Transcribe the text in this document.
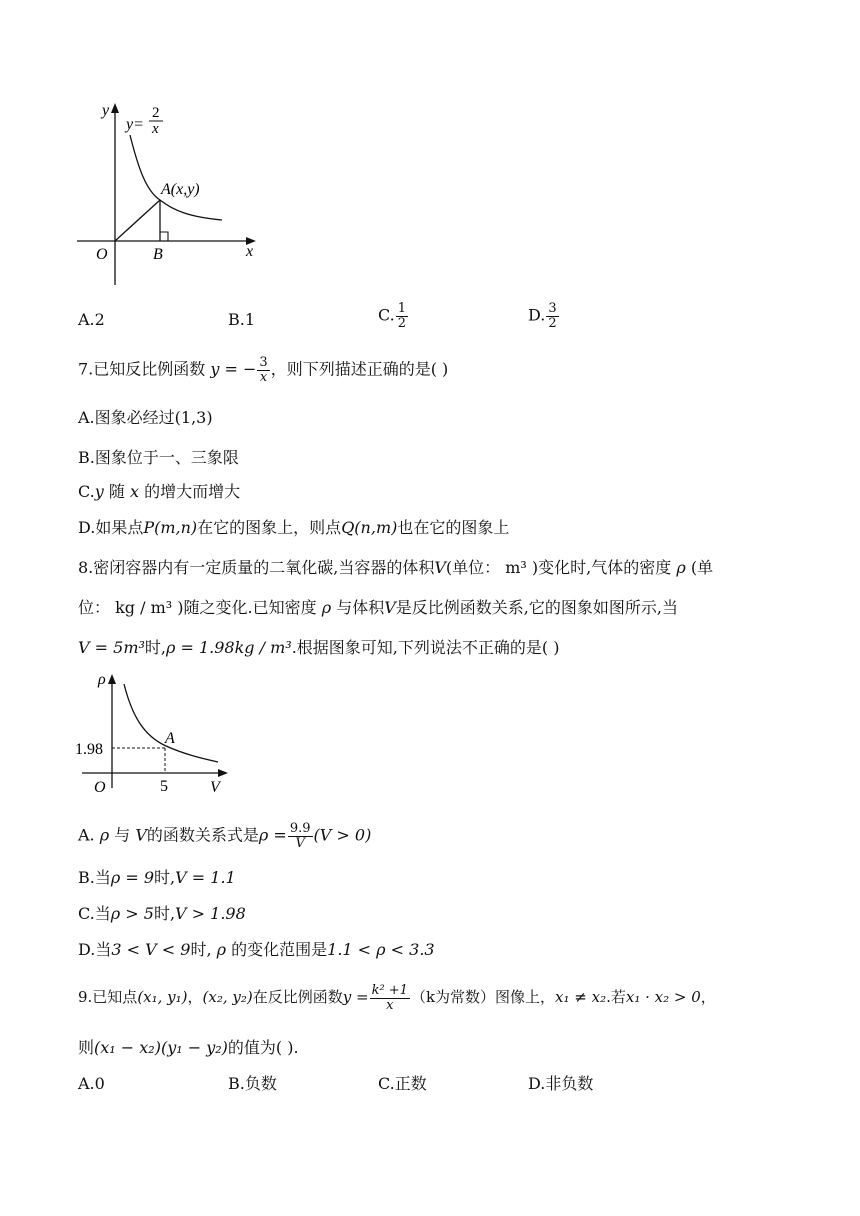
y
x
O	B
A(x,y)
y=
2
x
A.2	B.1	C. $\frac{1}{2}$	D. $\frac{3}{2}$
7.已知反比例函数 y = − $\frac{3}{x}$ ，则下列描述正确的是( )
A.图象必经过(1,3)
B.图象位于一、三象限
C.y 随 x 的增大而增大
D.如果点P(m,n)在它的图象上，则点Q(n,m)也在它的图象上
8.密闭容器内有一定质量的二氧化碳,当容器的体积V(单位： m³ )变化时,气体的密度 ρ (单
位： kg / m³ )随之变化.已知密度 ρ 与体积V是反比例函数关系,它的图象如图所示,当
V = 5m³时,ρ = 1.98kg / m³.根据图象可知,下列说法不正确的是( )
ρ
V
O
1.98
5
A
A. ρ 与 V的函数关系式是$\rho = \frac{9.9}{V} (V > 0)$
B.当ρ = 9时,V = 1.1
C.当ρ > 5时,V > 1.98
D.当3 < V < 9时, ρ 的变化范围是1.1 < ρ < 3.3
9.已知点(x₁, y₁)，(x₂, y₂)在反比例函数$y = \frac{\text{k² +1}}{x} (k$为常数）图像上，x₁ ≠ x₂.若x₁ · x₂ > 0，
则(x₁ − x₂)(y₁ − y₂)的值为( ).
A.0	B.负数	C.正数	D.非负数
